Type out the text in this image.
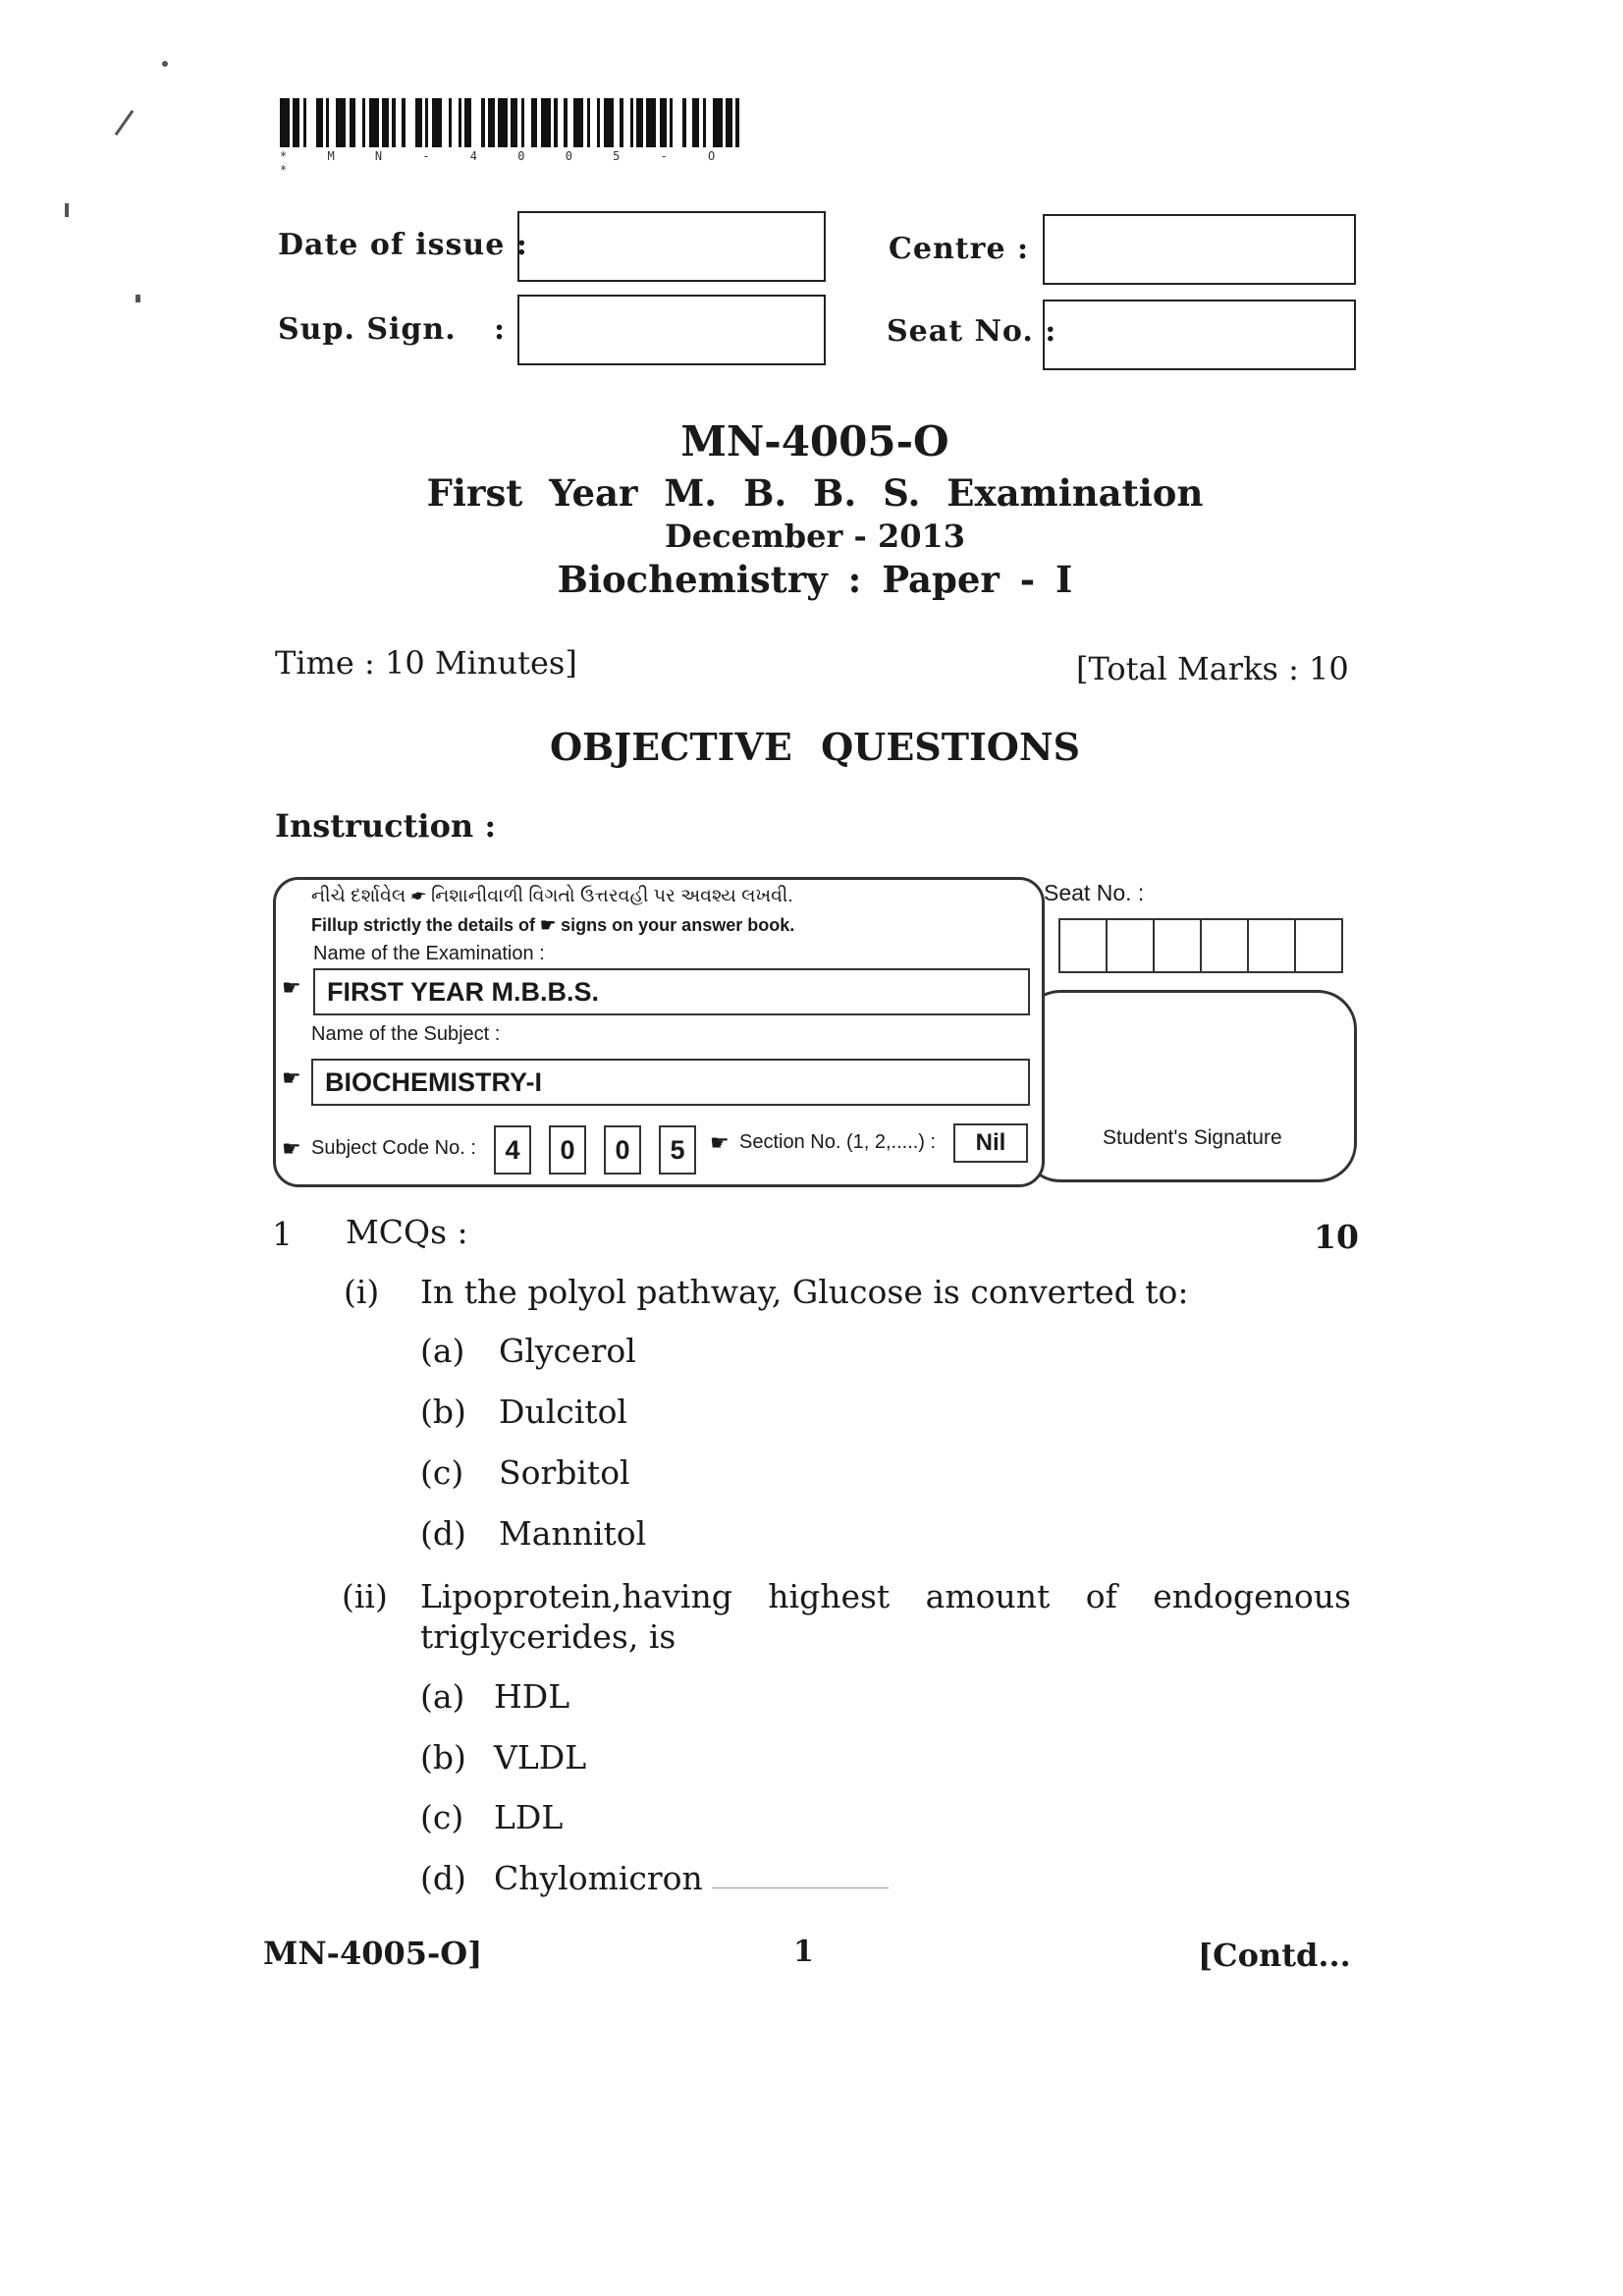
* M N - 4 0 0 5 - O *
Date of issue :
Sup. Sign. :
Centre :
Seat No. :
MN-4005-O
First Year M. B. B. S. Examination
December - 2013
Biochemistry : Paper - I
Time : 10 Minutes]	[Total Marks : 10
OBJECTIVE QUESTIONS
Instruction :
Student's Signature
નીચે દર્શાવેલ ☛ નિશાનીવાળી વિગતો ઉત્તરવહી પર અવશ્ય લખવી.
Fillup strictly the details of ☛ signs on your answer book.
Name of the Examination :
☛ FIRST YEAR M.B.B.S.
Name of the Subject :
☛ BIOCHEMISTRY-I
☛ Subject Code No. :	4	0	0	5	☛ Section No. (1, 2,.....) :	Nil
Seat No. :
1 MCQs :	10
(i) In the polyol pathway, Glucose is converted to:
(a) Glycerol
(b) Dulcitol
(c) Sorbitol
(d) Mannitol
(ii) Lipoprotein,having highest amount of endogenous
triglycerides, is
(a) HDL
(b) VLDL
(c) LDL
(d) Chylomicron
MN-4005-O]	1	[Contd...
